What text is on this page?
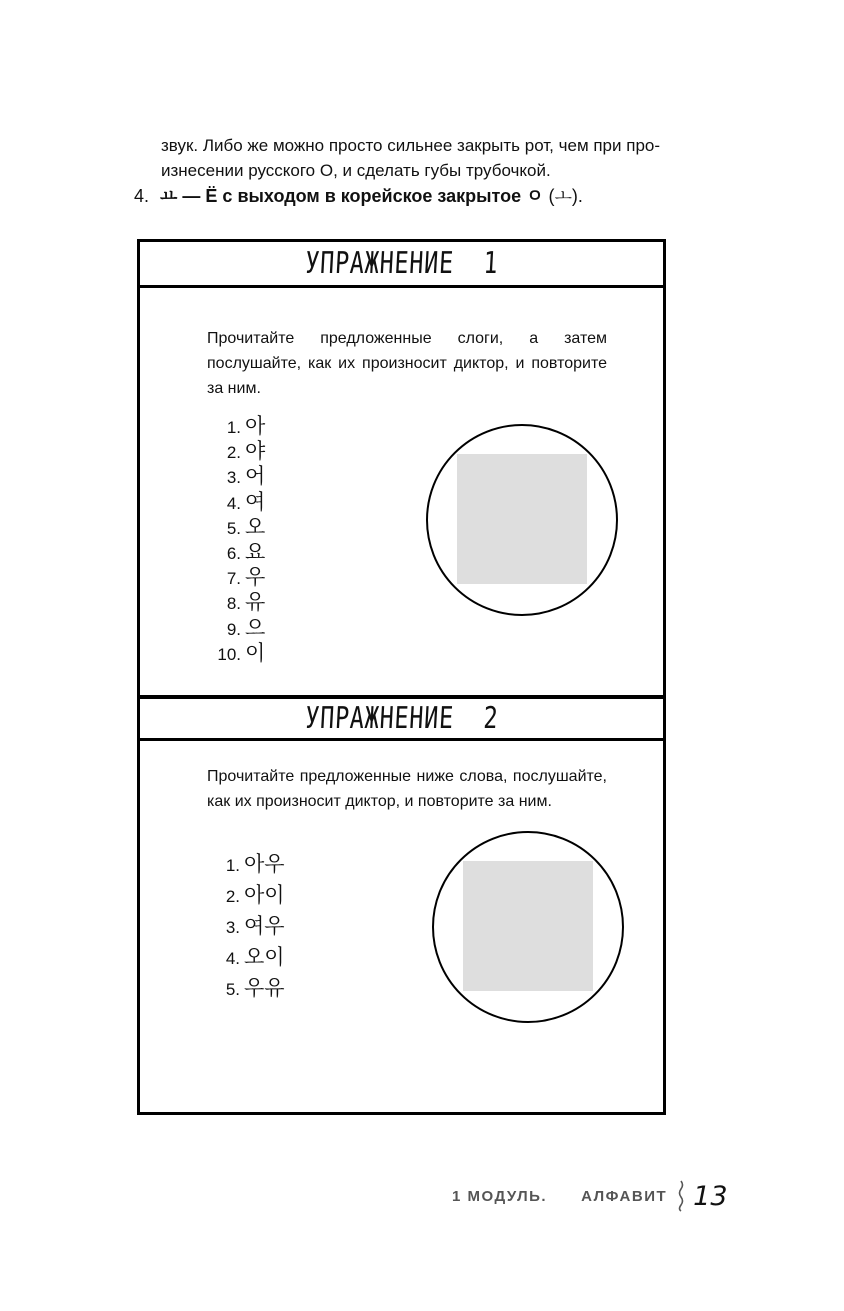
звук. Либо же можно просто сильнее закрыть рот, чем при про-

изнесении русского О, и сделать губы трубочкой.

4. ㅛ — Ё с выходом в корейское закрытое ㅇ (ㅗ).
УПРАЖНЕНИЕ 1

Прочитайте предложенные слоги, а затем послушайте, как их произносит диктор, и повторите за ним.

1. 아
2. 야
3. 어
4. 여
5. 오
6. 요
7. 우
8. 유
9. 으
10. 이
УПРАЖНЕНИЕ 2

Прочитайте предложенные ниже слова, послушайте, как их произносит диктор, и повторите за ним.

1. 아우
2. 아이
3. 여우
4. 오이
5. 우유
1 МОДУЛЬ. АЛФАВИТ 13
